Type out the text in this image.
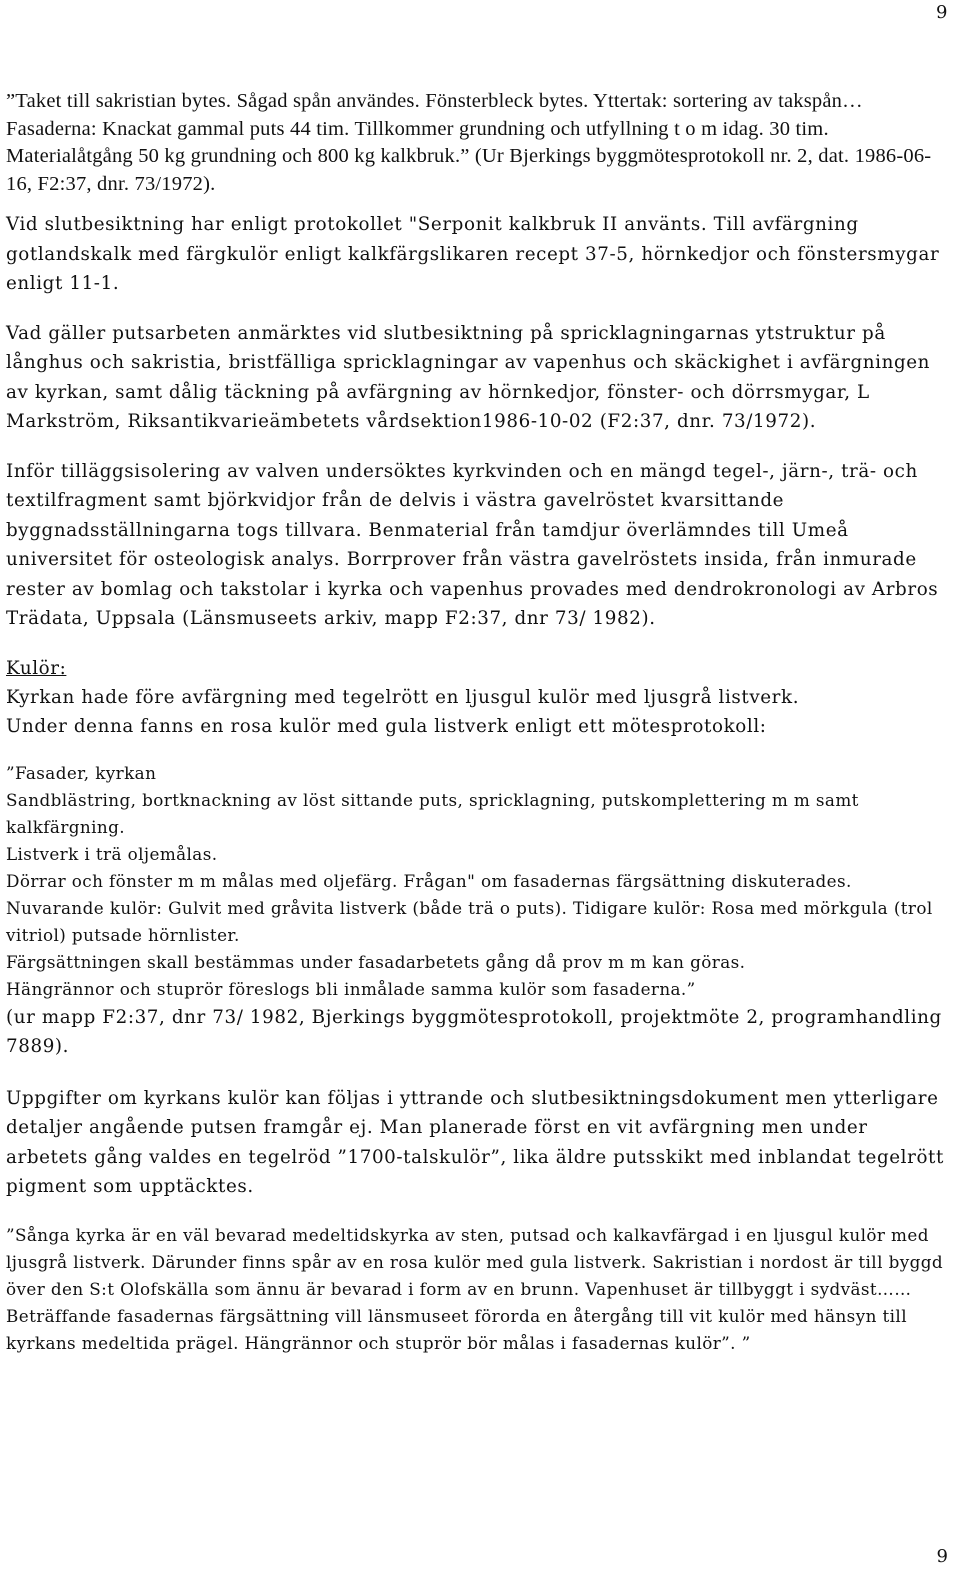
9

”Taket till sakristian bytes. Sågad spån användes. Fönsterbleck bytes. Yttertak: sortering av takspån… Fasaderna: Knackat gammal puts 44 tim. Tillkommer grundning och utfyllning t o m idag. 30 tim. Materialåtgång 50 kg grundning och 800 kg kalkbruk.” (Ur Bjerkings byggmötesprotokoll nr. 2, dat. 1986-06-16, F2:37, dnr. 73/1972).

Vid slutbesiktning har enligt protokollet "Serponit kalkbruk II använts. Till avfärgning gotlandskalk med färgkulör enligt kalkfärgslikaren recept 37-5, hörnkedjor och fönstersmygar enligt 11-1.

Vad gäller putsarbeten anmärktes vid slutbesiktning på spricklagningarnas ytstruktur på långhus och sakristia, bristfälliga spricklagningar av vapenhus och skäckighet i avfärgningen av kyrkan, samt dålig täckning på avfärgning av hörnkedjor, fönster- och dörrsmygar, L Markström, Riksantikvarieämbetets vårdsektion1986-10-02 (F2:37, dnr. 73/1972).

Inför tilläggsisolering av valven undersöktes kyrkvinden och en mängd tegel-, järn-, trä- och textilfragment samt björkvidjor från de delvis i västra gavelröstet kvarsittande byggnadsställningarna togs tillvara. Benmaterial från tamdjur överlämndes till Umeå universitet för osteologisk analys. Borrprover från västra gavelröstets insida, från inmurade rester av bomlag och takstolar i kyrka och vapenhus provades med dendrokronologi av Arbros Trädata, Uppsala (Länsmuseets arkiv, mapp F2:37, dnr 73/ 1982).

Kulör:
Kyrkan hade före avfärgning med tegelrött en ljusgul kulör med ljusgrå listverk.
Under denna fanns en rosa kulör med gula listverk enligt ett mötesprotokoll:
”Fasader, kyrkan
Sandblästring, bortknackning av löst sittande puts, spricklagning, putskomplettering m m samt kalkfärgning.
Listverk i trä oljemålas.
Dörrar och fönster m m målas med oljefärg. Frågan" om fasadernas färgsättning diskuterades.
Nuvarande kulör: Gulvit med gråvita listverk (både trä o puts). Tidigare kulör: Rosa med mörkgula (trol vitriol) putsade hörnlister.
Färgsättningen skall bestämmas under fasadarbetets gång då prov m m kan göras.
Hängrännor och stuprör föreslogs bli inmålade samma kulör som fasaderna.”
(ur mapp F2:37, dnr 73/ 1982, Bjerkings byggmötesprotokoll, projektmöte 2, programhandling 7889).

Uppgifter om kyrkans kulör kan följas i yttrande och slutbesiktningsdokument men ytterligare detaljer angående putsen framgår ej. Man planerade först en vit avfärgning men under arbetets gång valdes en tegelröd ”1700-talskulör”, lika äldre putsskikt med inblandat tegelrött pigment som upptäcktes.

”Sånga kyrka är en väl bevarad medeltidskyrka av sten, putsad och kalkavfärgad i en ljusgul kulör med ljusgrå listverk. Därunder finns spår av en rosa kulör med gula listverk. Sakristian i nordost är till byggd över den S:t Olofskälla som ännu är bevarad i form av en brunn. Vapenhuset är tillbyggt i sydväst……Beträffande fasadernas färgsättning vill länsmuseet förorda en återgång till vit kulör med hänsyn till kyrkans medeltida prägel. Hängrännor och stuprör bör målas i fasadernas kulör”. ”

9
